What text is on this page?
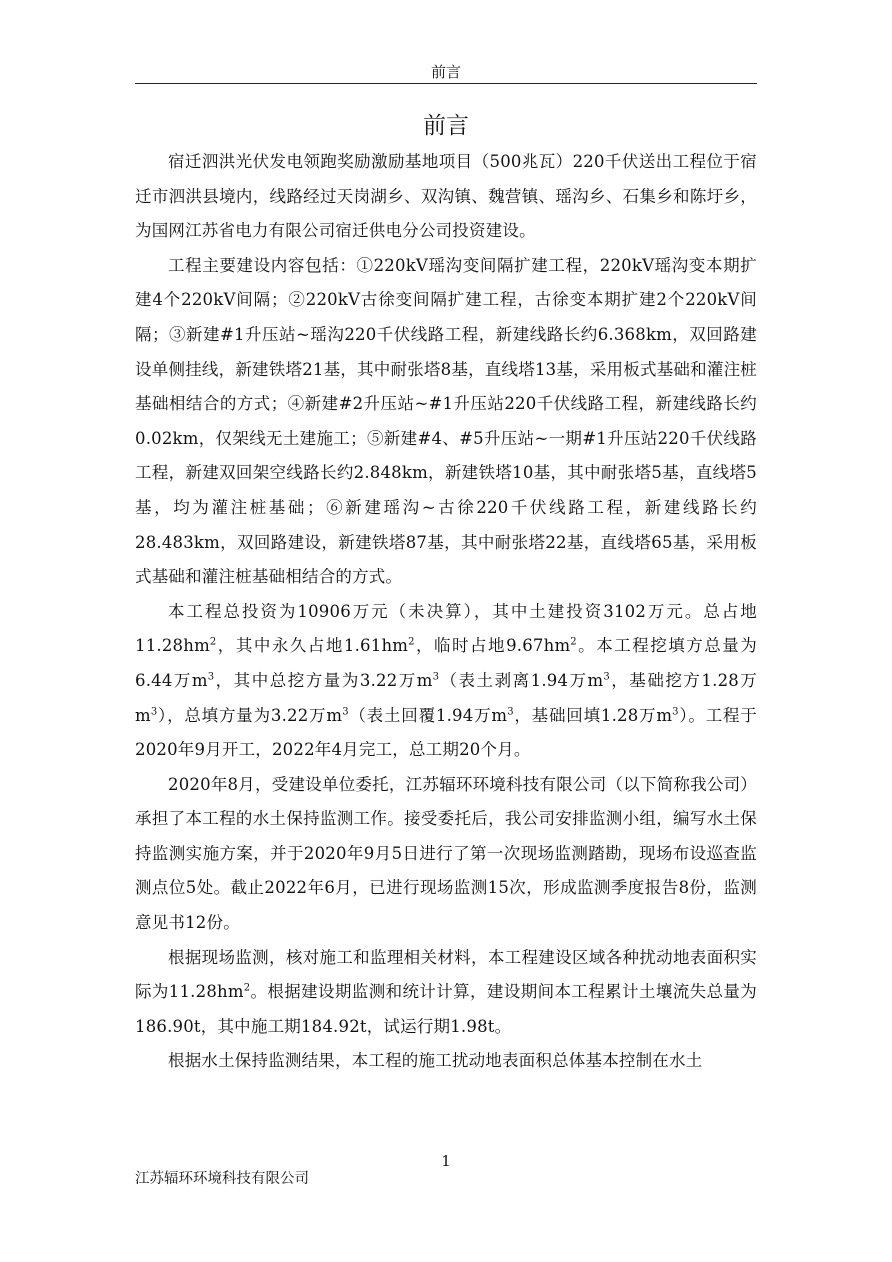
前言
前言

宿迁泗洪光伏发电领跑奖励激励基地项目（500兆瓦）220千伏送出工程位于宿迁市泗洪县境内，线路经过天岗湖乡、双沟镇、魏营镇、瑶沟乡、石集乡和陈圩乡，为国网江苏省电力有限公司宿迁供电分公司投资建设。

工程主要建设内容包括：①220kV瑶沟变间隔扩建工程，220kV瑶沟变本期扩建4个220kV间隔；②220kV古徐变间隔扩建工程，古徐变本期扩建2个220kV间隔；③新建#1升压站~瑶沟220千伏线路工程，新建线路长约6.368km，双回路建设单侧挂线，新建铁塔21基，其中耐张塔8基，直线塔13基，采用板式基础和灌注桩基础相结合的方式；④新建#2升压站~#1升压站220千伏线路工程，新建线路长约0.02km，仅架线无土建施工；⑤新建#4、#5升压站~一期#1升压站220千伏线路工程，新建双回架空线路长约2.848km，新建铁塔10基，其中耐张塔5基，直线塔5基，均为灌注桩基础；⑥新建瑶沟~古徐220千伏线路工程，新建线路长约28.483km，双回路建设，新建铁塔87基，其中耐张塔22基，直线塔65基，采用板式基础和灌注桩基础相结合的方式。

本工程总投资为10906万元（未决算），其中土建投资3102万元。总占地$11.28hm^2$，其中永久占地$1.61hm^2$，临时占地$9.67hm^2$。本工程挖填方总量为6.44万$m^3$，其中总挖方量为3.22万$m^3$（表土剥离1.94万$m^3$，基础挖方1.28万$m^3$），总填方量为3.22万$m^3$（表土回覆1.94万$m^3$，基础回填1.28万$m^3$）。工程于2020年9月开工，2022年4月完工，总工期20个月。

2020年8月，受建设单位委托，江苏辐环环境科技有限公司（以下简称我公司）承担了本工程的水土保持监测工作。接受委托后，我公司安排监测小组，编写水土保持监测实施方案，并于2020年9月5日进行了第一次现场监测踏勘，现场布设巡查监测点位5处。截止2022年6月，已进行现场监测15次，形成监测季度报告8份，监测意见书12份。

根据现场监测，核对施工和监理相关材料，本工程建设区域各种扰动地表面积实际为$11.28hm^2$。根据建设期监测和统计计算，建设期间本工程累计土壤流失总量为186.90t，其中施工期184.92t，试运行期1.98t。

根据水土保持监测结果，本工程的施工扰动地表面积总体基本控制在水土

1
江苏辐环环境科技有限公司
